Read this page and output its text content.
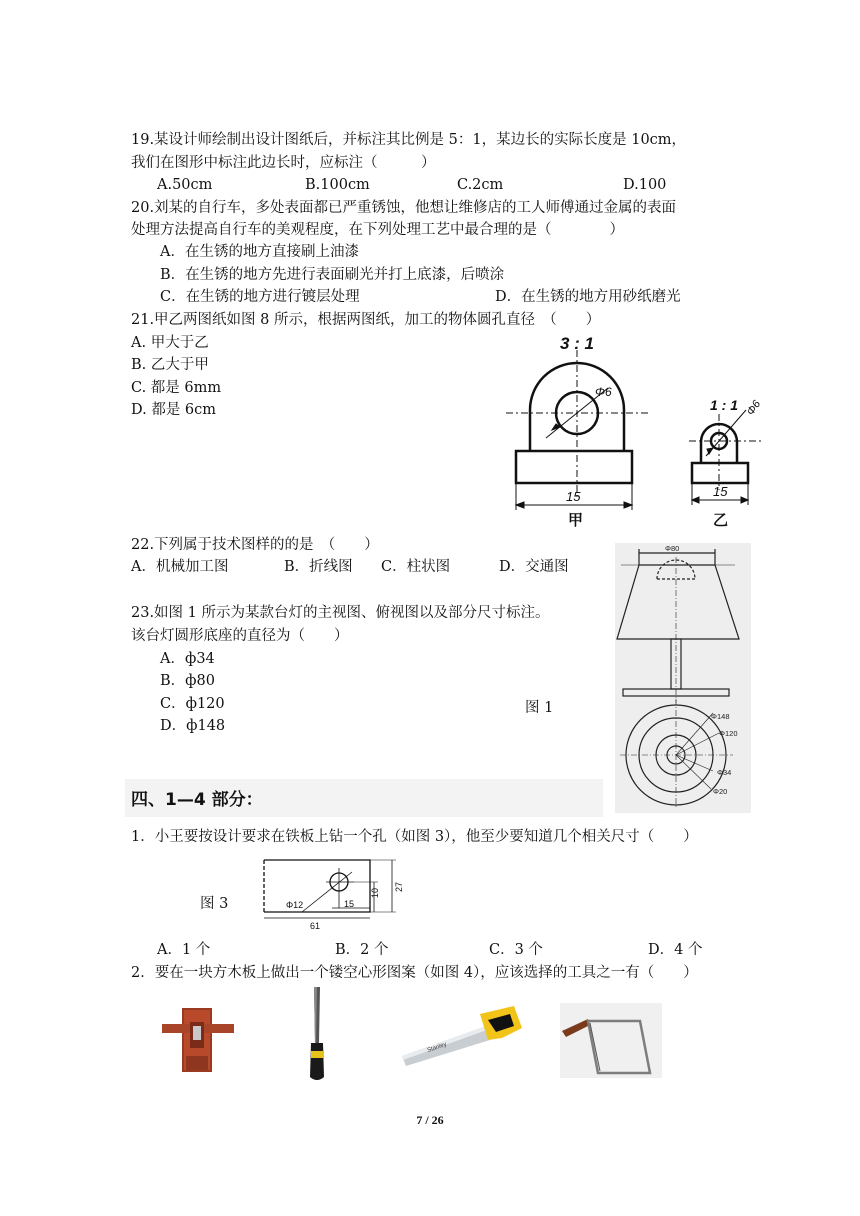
19.某设计师绘制出设计图纸后，并标注其比例是 5：1，某边长的实际长度是 10cm，
我们在图形中标注此边长时，应标注（　　　）
A.50cm	B.100cm	C.2cm	D.100
20.刘某的自行车，多处表面都已严重锈蚀，他想让维修店的工人师傅通过金属的表面
处理方法提高自行车的美观程度，在下列处理工艺中最合理的是（　　　　）
A．在生锈的地方直接刷上油漆
B．在生锈的地方先进行表面刷光并打上底漆，后喷涂
C．在生锈的地方进行镀层处理	D．在生锈的地方用砂纸磨光
21.甲乙两图纸如图 8 所示，根据两图纸，加工的物体圆孔直径　（　　）
A. 甲大于乙
B. 乙大于甲
C. 都是 6mm
D. 都是 6cm
3 : 1
Φ6
15
1 : 1 Φ6
15
甲	乙
22.下列属于技术图样的的是　（　　）
A．机械加工图	B．折线图 C．柱状图	D．交通图
23.如图 1 所示为某款台灯的主视图、俯视图以及部分尺寸标注。
该台灯圆形底座的直径为（　　）
A．ф34
B．ф80
C．ф120
D．ф148
图 1
Φ80
Φ148
Φ120
Φ34
Φ20
四、1—4 部分：
1．小王要按设计要求在铁板上钻一个孔（如图 3），他至少要知道几个相关尺寸（　　）
图 3	Φ12	15
61
10
27
A．1 个	B．2 个	C．3 个	D．4 个
2．要在一块方木板上做出一个镂空心形图案（如图 4），应该选择的工具之一有（　　）
Stanley
7 / 26
